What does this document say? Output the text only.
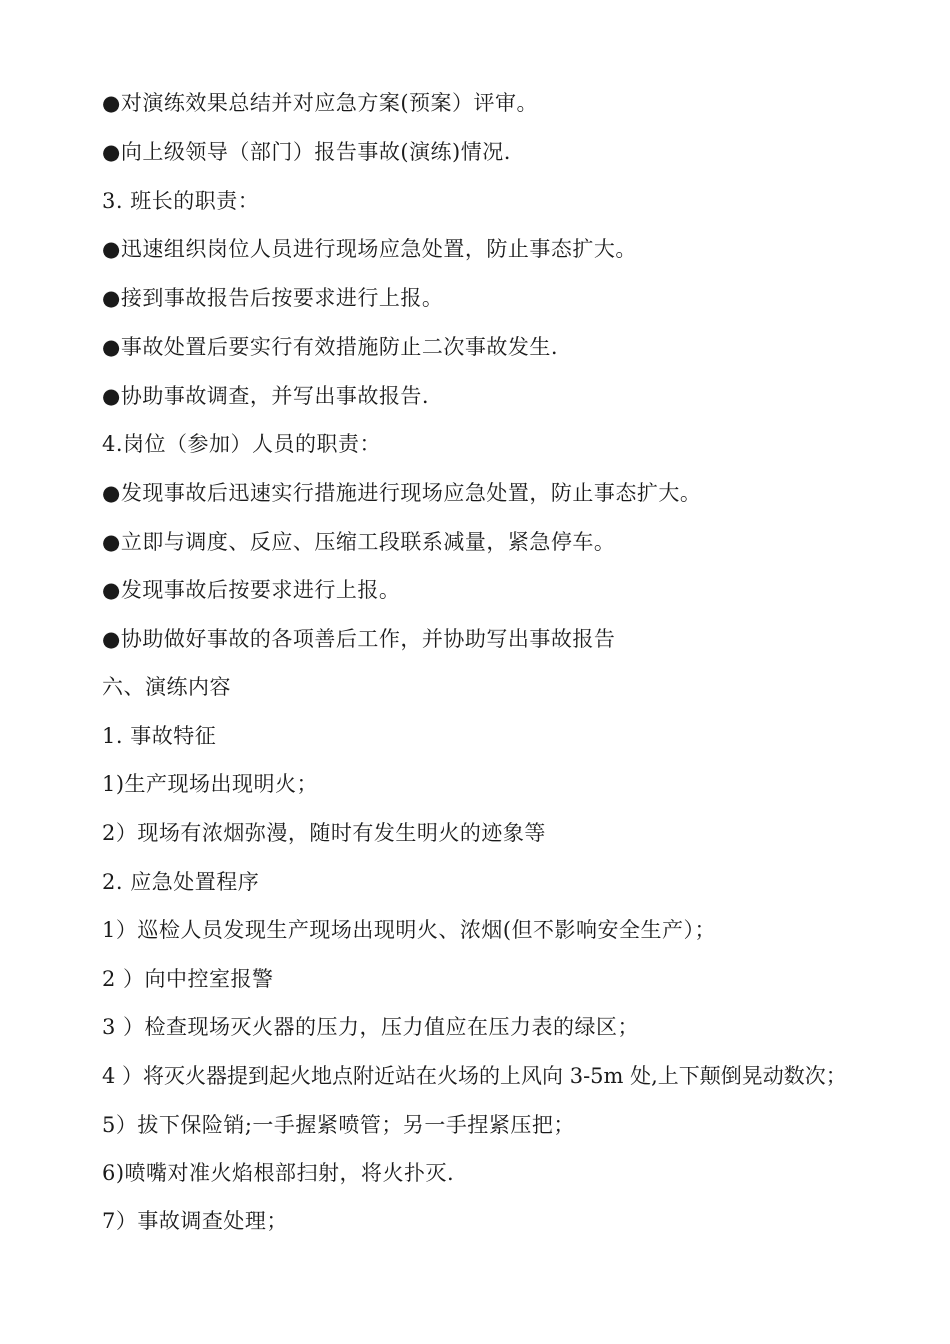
●对演练效果总结并对应急方案(预案）评审。
●向上级领导（部门）报告事故(演练)情况.
3. 班长的职责：
●迅速组织岗位人员进行现场应急处置，防止事态扩大。
●接到事故报告后按要求进行上报。
●事故处置后要实行有效措施防止二次事故发生.
●协助事故调查，并写出事故报告.
4.岗位（参加）人员的职责：
●发现事故后迅速实行措施进行现场应急处置，防止事态扩大。
●立即与调度、反应、压缩工段联系减量，紧急停车。
●发现事故后按要求进行上报。
●协助做好事故的各项善后工作，并协助写出事故报告
六、演练内容
1. 事故特征
1)生产现场出现明火；
2）现场有浓烟弥漫，随时有发生明火的迹象等
2. 应急处置程序
1）巡检人员发现生产现场出现明火、浓烟(但不影响安全生产）；
2 ）向中控室报警
3 ）检查现场灭火器的压力，压力值应在压力表的绿区；
4 ）将灭火器提到起火地点附近站在火场的上风向 3-5m 处,上下颠倒晃动数次；
5）拔下保险销;一手握紧喷管；另一手捏紧压把；
6)喷嘴对准火焰根部扫射，将火扑灭.
7）事故调查处理；
